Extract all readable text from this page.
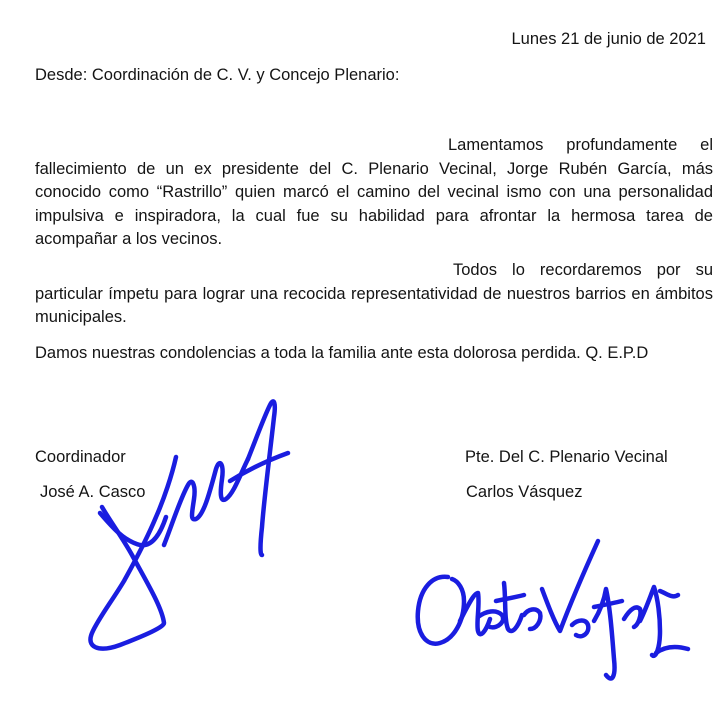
Lunes 21 de junio de 2021
Desde: Coordinación de C. V. y Concejo Plenario:

Lamentamos profundamente el fallecimiento de un ex presidente del C. Plenario Vecinal, Jorge Rubén García, más conocido como “Rastrillo” quien marcó el camino del vecinal ismo con una personalidad impulsiva e inspiradora, la cual fue su habilidad para afrontar la hermosa tarea de acompañar a los vecinos.

Todos lo recordaremos por su particular ímpetu para lograr una recocida representatividad de nuestros barrios en ámbitos municipales.

Damos nuestras condolencias a toda la familia ante esta dolorosa perdida. Q. E.P.D

Coordinador
José A. Casco
Pte. Del C. Plenario Vecinal
Carlos Vásquez
